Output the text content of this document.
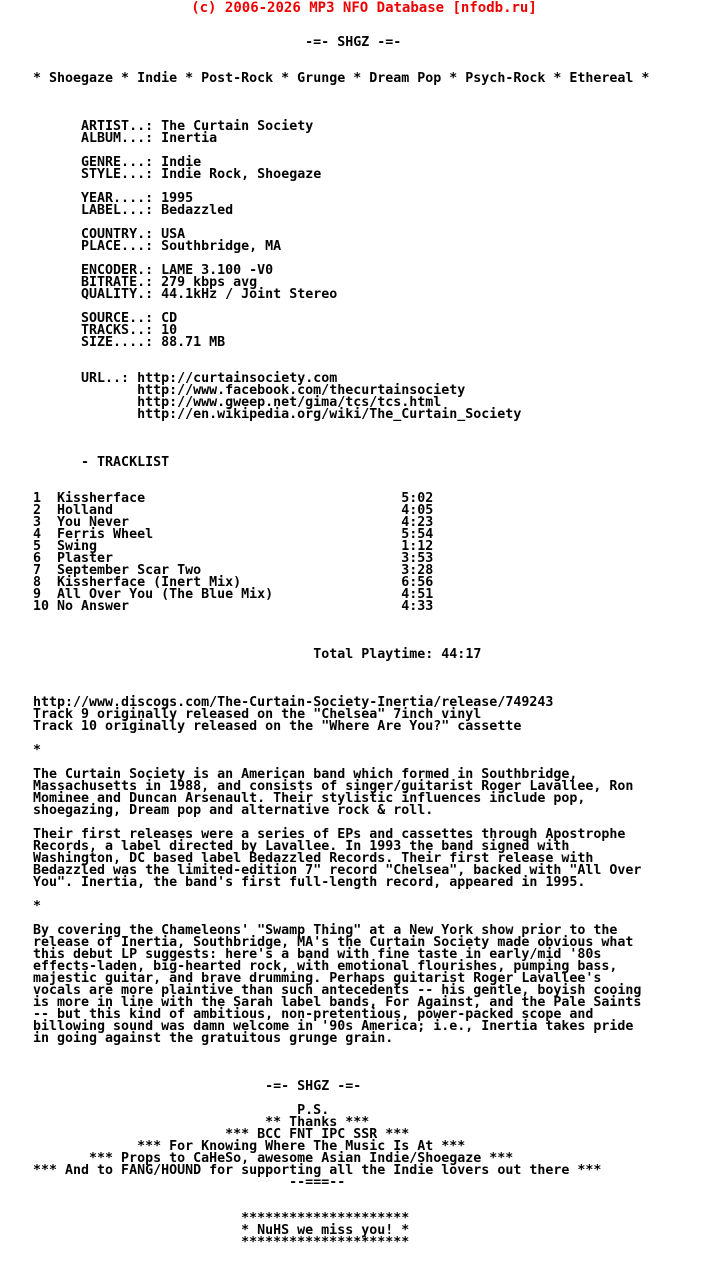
(c) 2006-2026 MP3 NFO Database [nfodb.ru]
-=- SHGZ -=-
* Shoegaze * Indie * Post-Rock * Grunge * Dream Pop * Psych-Rock * Ethereal *
ARTIST..: The Curtain Society
ALBUM...: Inertia
GENRE...: Indie
STYLE...: Indie Rock, Shoegaze
YEAR....: 1995
LABEL...: Bedazzled
COUNTRY.: USA
PLACE...: Southbridge, MA
ENCODER.: LAME 3.100 -V0
BITRATE.: 279 kbps avg
QUALITY.: 44.1kHz / Joint Stereo
SOURCE..: CD
TRACKS..: 10
SIZE....: 88.71 MB
URL..: http://curtainsociety.com
http://www.facebook.com/thecurtainsociety
http://www.gweep.net/gima/tcs/tcs.html
http://en.wikipedia.org/wiki/The_Curtain_Society
- TRACKLIST
1 Kissherface	5:02
2 Holland	4:05
3 You Never	4:23
4 Ferris Wheel	5:54
5 Swing	1:12
6 Plaster	3:53
7 September Scar Two	3:28
8 Kissherface (Inert Mix)	6:56
9 All Over You (The Blue Mix)	4:51
10 No Answer	4:33
Total Playtime: 44:17
http://www.discogs.com/The-Curtain-Society-Inertia/release/749243
Track 9 originally released on the "Chelsea" 7inch vinyl
Track 10 originally released on the "Where Are You?" cassette
*
The Curtain Society is an American band which formed in Southbridge,
Massachusetts in 1988, and consists of singer/guitarist Roger Lavallee, Ron
Mominee and Duncan Arsenault. Their stylistic influences include pop,
shoegazing, Dream pop and alternative rock & roll.
Their first releases were a series of EPs and cassettes through Apostrophe
Records, a label directed by Lavallee. In 1993 the band signed with
Washington, DC based label Bedazzled Records. Their first release with
Bedazzled was the limited-edition 7" record "Chelsea", backed with "All Over
You". Inertia, the band's first full-length record, appeared in 1995.
*
By covering the Chameleons' "Swamp Thing" at a New York show prior to the
release of Inertia, Southbridge, MA's the Curtain Society made obvious what
this debut LP suggests: here's a band with fine taste in early/mid '80s
effects-laden, big-hearted rock, with emotional flourishes, pumping bass,
majestic guitar, and brave drumming. Perhaps guitarist Roger Lavallee's
vocals are more plaintive than such antecedents -- his gentle, boyish cooing
is more in line with the Sarah label bands, For Against, and the Pale Saints
-- but this kind of ambitious, non-pretentious, power-packed scope and
billowing sound was damn welcome in '90s America; i.e., Inertia takes pride
in going against the gratuitous grunge grain.
-=- SHGZ -=-
P.S.
** Thanks ***
*** BCC FNT IPC SSR ***
*** For Knowing Where The Music Is At ***
*** Props to CaHeSo, awesome Asian Indie/Shoegaze ***
*** And to FANG/HOUND for supporting all the Indie lovers out there ***
--===--
*********************
* NuHS we miss you! *
*********************
